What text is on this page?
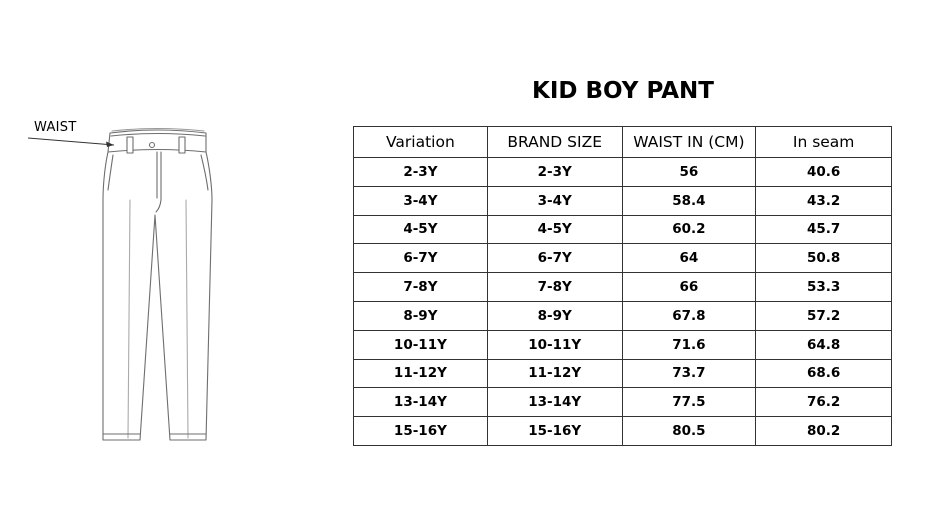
WAIST
KID BOY PANT
Variation	BRAND SIZE	WAIST IN (CM)	In seam
2-3Y	2-3Y	56	40.6
3-4Y	3-4Y	58.4	43.2
4-5Y	4-5Y	60.2	45.7
6-7Y	6-7Y	64	50.8
7-8Y	7-8Y	66	53.3
8-9Y	8-9Y	67.8	57.2
10-11Y	10-11Y	71.6	64.8
11-12Y	11-12Y	73.7	68.6
13-14Y	13-14Y	77.5	76.2
15-16Y	15-16Y	80.5	80.2
